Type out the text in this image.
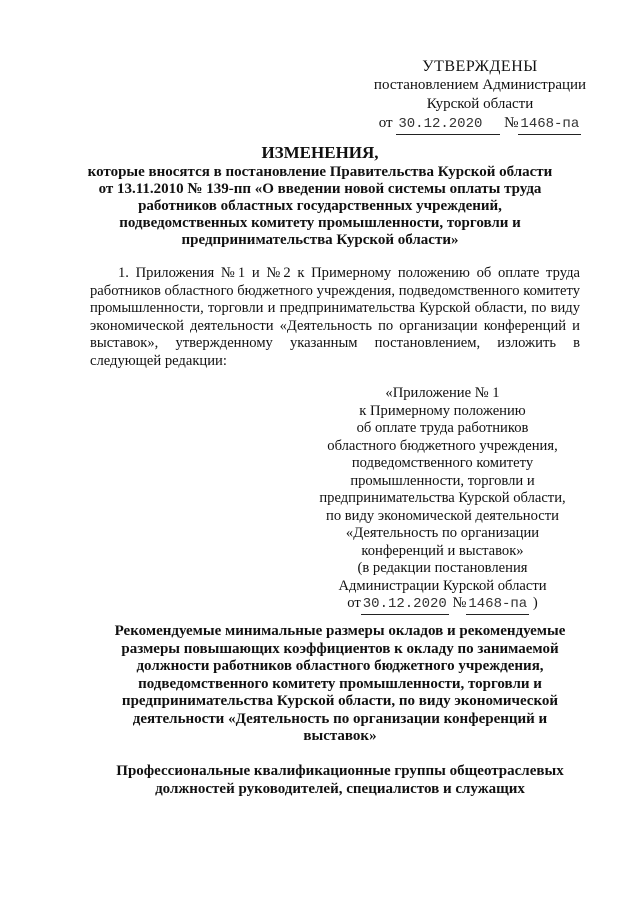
УТВЕРЖДЕНЫ
постановлением Администрации
Курской области
от 30.12.2020 № 1468-па
ИЗМЕНЕНИЯ,
которые вносятся в постановление Правительства Курской области
от 13.11.2010 № 139-пп «О введении новой системы оплаты труда
работников областных государственных учреждений,
подведомственных комитету промышленности, торговли и
предпринимательства Курской области»
1. Приложения №1 и №2 к Примерному положению об оплате труда работников областного бюджетного учреждения, подведомственного комитету промышленности, торговли и предпринимательства Курской области, по виду экономической деятельности «Деятельность по организации конференций и выставок», утвержденному указанным постановлением, изложить в следующей редакции:
«Приложение № 1
к Примерному положению
об оплате труда работников
областного бюджетного учреждения,
подведомственного комитету
промышленности, торговли и
предпринимательства Курской области,
по виду экономической деятельности
«Деятельность по организации
конференций и выставок»
(в редакции постановления
Администрации Курской области
от 30.12.2020 № 1468-па )
Рекомендуемые минимальные размеры окладов и рекомендуемые
размеры повышающих коэффициентов к окладу по занимаемой
должности работников областного бюджетного учреждения,
подведомственного комитету промышленности, торговли и
предпринимательства Курской области, по виду экономической
деятельности «Деятельность по организации конференций и
выставок»
Профессиональные квалификационные группы общеотраслевых
должностей руководителей, специалистов и служащих
